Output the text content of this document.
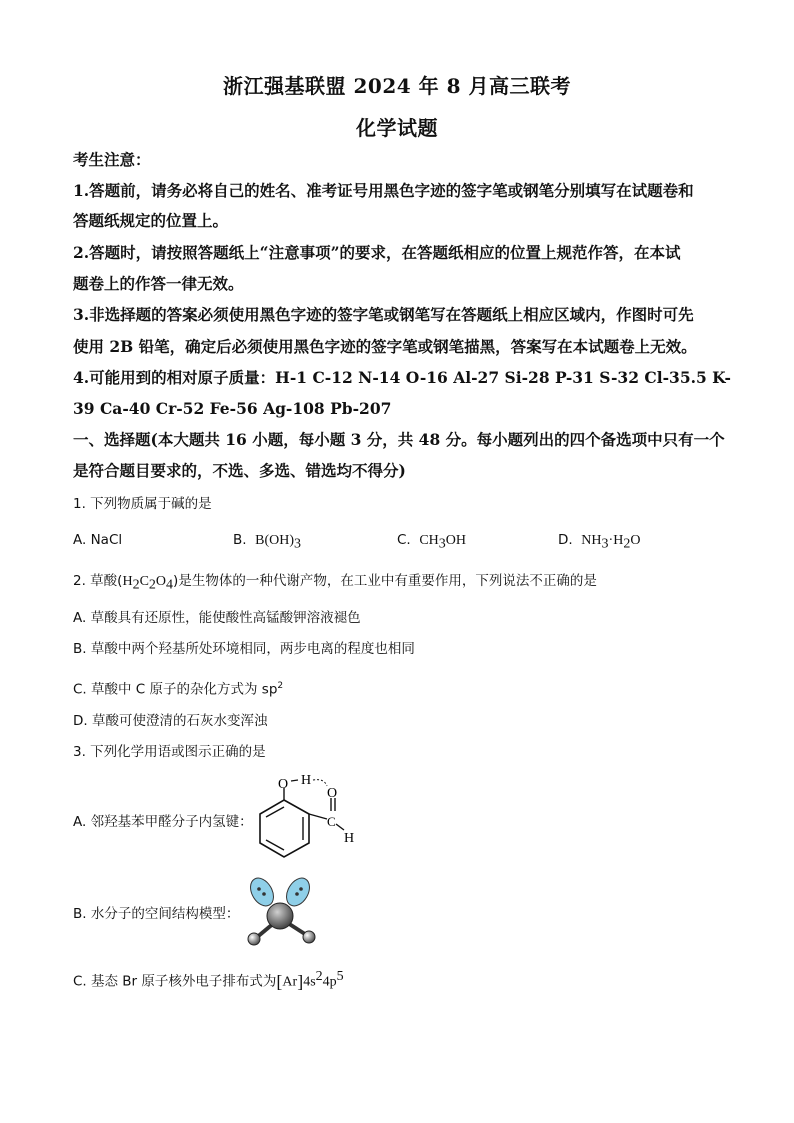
浙江强基联盟 2024 年 8 月高三联考
化学试题
考生注意：
1.答题前，请务必将自己的姓名、准考证号用黑色字迹的签字笔或钢笔分别填写在试题卷和
答题纸规定的位置上。
2.答题时，请按照答题纸上“注意事项”的要求，在答题纸相应的位置上规范作答，在本试
题卷上的作答一律无效。
3.非选择题的答案必须使用黑色字迹的签字笔或钢笔写在答题纸上相应区域内，作图时可先
使用 2B 铅笔，确定后必须使用黑色字迹的签字笔或钢笔描黑，答案写在本试题卷上无效。
4.可能用到的相对原子质量：H-1 C-12 N-14 O-16 Al-27 Si-28 P-31 S-32 Cl-35.5 K-
39 Ca-40 Cr-52 Fe-56 Ag-108 Pb-207
一、选择题(本大题共 16 小题，每小题 3 分，共 48 分。每小题列出的四个备选项中只有一个
是符合题目要求的，不选、多选、错选均不得分)
1. 下列物质属于碱的是
A. NaCl	B. $B(OH)_3$	C. $CH_3OH$	D. $NH_3\cdot H_2O$
2. 草酸$(H_2C_2O_4)$是生物体的一种代谢产物，在工业中有重要作用，下列说法不正确的是
A. 草酸具有还原性，能使酸性高锰酸钾溶液褪色
B. 草酸中两个羟基所处环境相同，两步电离的程度也相同
C. 草酸中 C 原子的杂化方式为 $sp^2$
D. 草酸可使澄清的石灰水变浑浊
3. 下列化学用语或图示正确的是
A. 邻羟基苯甲醛分子内氢键：
O H
O
C
H
B. 水分子的空间结构模型：
C. 基态 Br 原子核外电子排布式为$[Ar]4s^24p^5$
